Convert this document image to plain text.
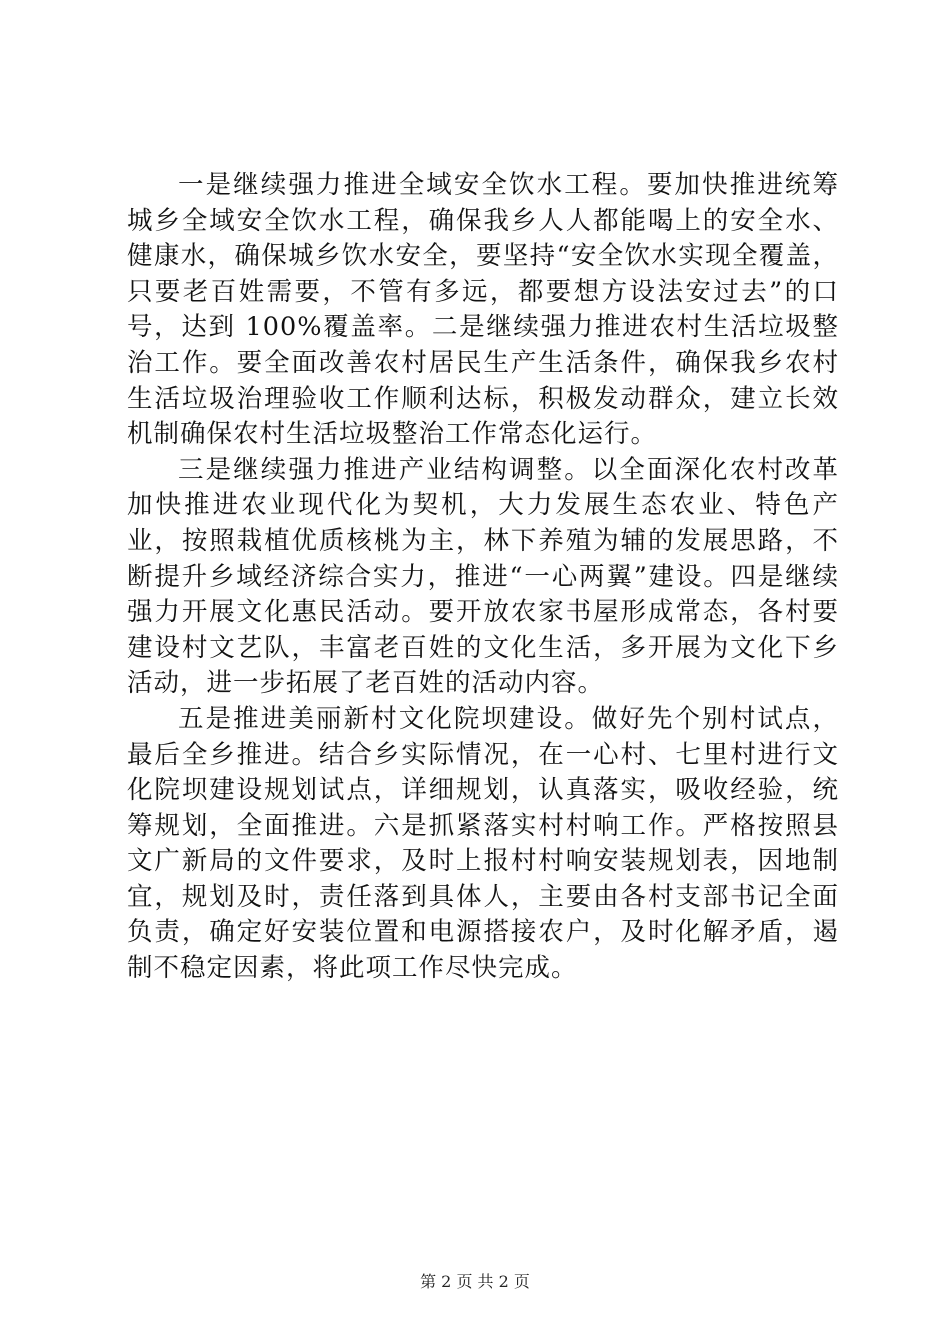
一是继续强力推进全域安全饮水工程。要加快推进统筹城乡全域安全饮水工程，确保我乡人人都能喝上的安全水、健康水，确保城乡饮水安全，要坚持“安全饮水实现全覆盖，只要老百姓需要，不管有多远，都要想方设法安过去”的口号，达到 100%覆盖率。二是继续强力推进农村生活垃圾整治工作。要全面改善农村居民生产生活条件，确保我乡农村生活垃圾治理验收工作顺利达标，积极发动群众，建立长效机制确保农村生活垃圾整治工作常态化运行。

三是继续强力推进产业结构调整。以全面深化农村改革加快推进农业现代化为契机，大力发展生态农业、特色产业，按照栽植优质核桃为主，林下养殖为辅的发展思路，不断提升乡域经济综合实力，推进“一心两翼”建设。四是继续强力开展文化惠民活动。要开放农家书屋形成常态，各村要建设村文艺队，丰富老百姓的文化生活，多开展为文化下乡活动，进一步拓展了老百姓的活动内容。

五是推进美丽新村文化院坝建设。做好先个别村试点，最后全乡推进。结合乡实际情况，在一心村、七里村进行文化院坝建设规划试点，详细规划，认真落实，吸收经验，统筹规划，全面推进。六是抓紧落实村村响工作。严格按照县文广新局的文件要求，及时上报村村响安装规划表，因地制宜，规划及时，责任落到具体人，主要由各村支部书记全面负责，确定好安装位置和电源搭接农户，及时化解矛盾，遏制不稳定因素，将此项工作尽快完成。

第 2 页 共 2 页
